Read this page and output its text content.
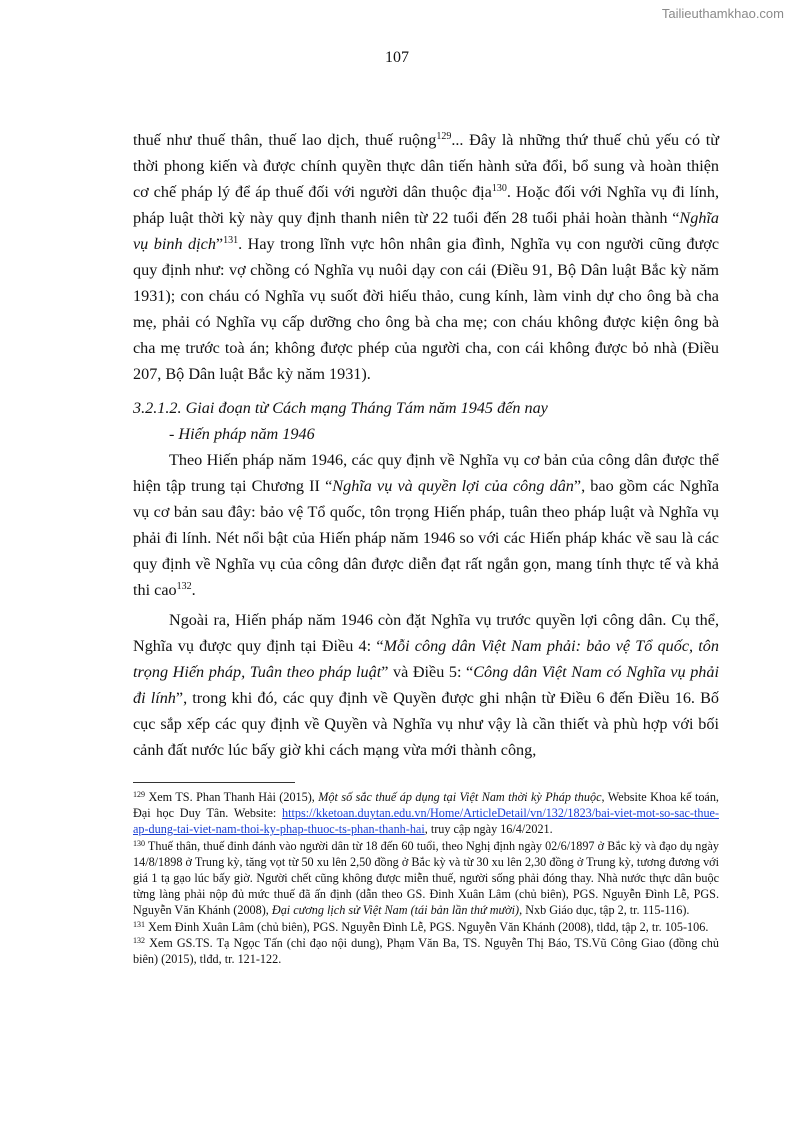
Tailieuthamkhao.com
107

thuế như thuế thân, thuế lao dịch, thuế ruộng$^{129}$... Đây là những thứ thuế chủ yếu có từ thời phong kiến và được chính quyền thực dân tiến hành sửa đổi, bổ sung và hoàn thiện cơ chế pháp lý để áp thuế đối với người dân thuộc địa$^{130}$. Hoặc đối với Nghĩa vụ đi lính, pháp luật thời kỳ này quy định thanh niên từ 22 tuổi đến 28 tuổi phải hoàn thành “Nghĩa vụ binh dịch”$^{131}$. Hay trong lĩnh vực hôn nhân gia đình, Nghĩa vụ con người cũng được quy định như: vợ chồng có Nghĩa vụ nuôi dạy con cái (Điều 91, Bộ Dân luật Bắc kỳ năm 1931); con cháu có Nghĩa vụ suốt đời hiếu thảo, cung kính, làm vinh dự cho ông bà cha mẹ, phải có Nghĩa vụ cấp dưỡng cho ông bà cha mẹ; con cháu không được kiện ông bà cha mẹ trước toà án; không được phép của người cha, con cái không được bỏ nhà (Điều 207, Bộ Dân luật Bắc kỳ năm 1931).

3.2.1.2. Giai đoạn từ Cách mạng Tháng Tám năm 1945 đến nay

- Hiến pháp năm 1946

Theo Hiến pháp năm 1946, các quy định về Nghĩa vụ cơ bản của công dân được thể hiện tập trung tại Chương II “Nghĩa vụ và quyền lợi của công dân”, bao gồm các Nghĩa vụ cơ bản sau đây: bảo vệ Tổ quốc, tôn trọng Hiến pháp, tuân theo pháp luật và Nghĩa vụ phải đi lính. Nét nổi bật của Hiến pháp năm 1946 so với các Hiến pháp khác về sau là các quy định về Nghĩa vụ của công dân được diễn đạt rất ngắn gọn, mang tính thực tế và khả thi cao$^{132}$.

Ngoài ra, Hiến pháp năm 1946 còn đặt Nghĩa vụ trước quyền lợi công dân. Cụ thể, Nghĩa vụ được quy định tại Điều 4: “Mỗi công dân Việt Nam phải: bảo vệ Tổ quốc, tôn trọng Hiến pháp, Tuân theo pháp luật” và Điều 5: “Công dân Việt Nam có Nghĩa vụ phải đi lính”, trong khi đó, các quy định về Quyền được ghi nhận từ Điều 6 đến Điều 16. Bố cục sắp xếp các quy định về Quyền và Nghĩa vụ như vậy là cần thiết và phù hợp với bối cảnh đất nước lúc bấy giờ khi cách mạng vừa mới thành công,

$^{129}$ Xem TS. Phan Thanh Hải (2015), Một số sắc thuế áp dụng tại Việt Nam thời kỳ Pháp thuộc, Website Khoa kế toán, Đại học Duy Tân. Website: https://kketoan.duytan.edu.vn/Home/ArticleDetail/vn/132/1823/bai-viet-mot-so-sac-thue-ap-dung-tai-viet-nam-thoi-ky-phap-thuoc-ts-phan-thanh-hai, truy cập ngày 16/4/2021.

$^{130}$ Thuế thân, thuế đinh đánh vào người dân từ 18 đến 60 tuổi, theo Nghị định ngày 02/6/1897 ở Bắc kỳ và đạo dụ ngày 14/8/1898 ở Trung kỳ, tăng vọt từ 50 xu lên 2,50 đồng ở Bắc kỳ và từ 30 xu lên 2,30 đồng ở Trung kỳ, tương đương với giá 1 tạ gạo lúc bấy giờ. Người chết cũng không được miễn thuế, người sống phải đóng thay. Nhà nước thực dân buộc từng làng phải nộp đủ mức thuế đã ấn định (dẫn theo GS. Đinh Xuân Lâm (chủ biên), PGS. Nguyễn Đình Lễ, PGS. Nguyễn Văn Khánh (2008), Đại cương lịch sử Việt Nam (tái bản lần thứ mười), Nxb Giáo dục, tập 2, tr. 115-116).

$^{131}$ Xem Đinh Xuân Lâm (chủ biên), PGS. Nguyễn Đình Lễ, PGS. Nguyễn Văn Khánh (2008), tlđd, tập 2, tr. 105-106.

$^{132}$ Xem GS.TS. Tạ Ngọc Tấn (chỉ đạo nội dung), Phạm Văn Ba, TS. Nguyễn Thị Báo, TS.Vũ Công Giao (đồng chủ biên) (2015), tlđd, tr. 121-122.
